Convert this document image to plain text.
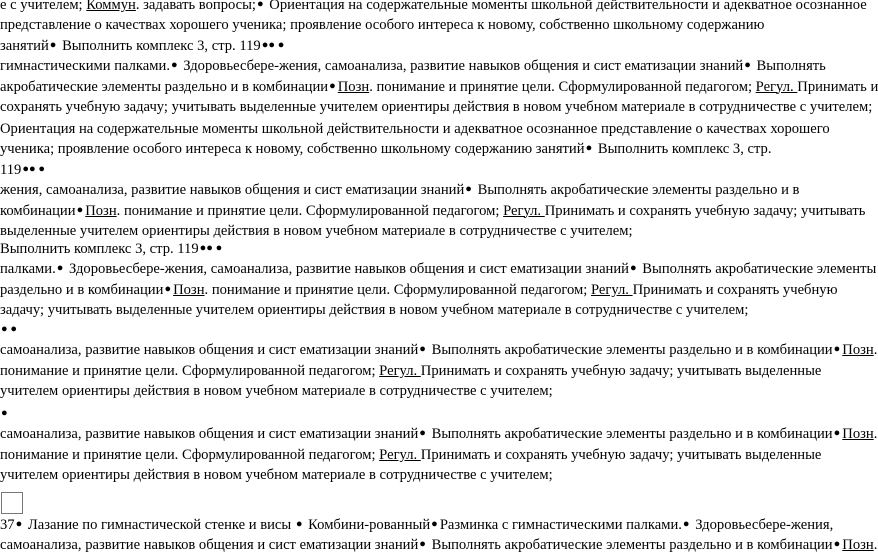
е с учителем; Коммун. задавать вопросы;● Ориентация на содержательные моменты школьной действительности и адекватное осознанное
представление о качествах хорошего ученика; проявление особого интереса к новому, собственно школьному содержанию
занятий● Выполнить комплекс 3, стр. 119●● ●
гимнастическими палками.● Здоровьесбере-жения, самоанализа, развитие навыков общения и сист ематизации знаний● Выполнять
акробатические элементы раздельно и в комбинации● Позн. понимание и принятие цели. Сформулированной педагогом; Регул. Принимать и
сохранять учебную задачу; учитывать выделенные учителем ориентиры действия в новом учебном материале в сотрудничестве с учителем;
Ориентация на содержательные моменты школьной действительности и адекватное осознанное представление о качествах хорошего
ученика; проявление особого интереса к новому, собственно школьному содержанию занятий● Выполнить комплекс 3, стр.
119●● ●
жения, самоанализа, развитие навыков общения и сист ематизации знаний● Выполнять акробатические элементы раздельно и в
комбинации● Позн. понимание и принятие цели. Сформулированной педагогом; Регул. Принимать и сохранять учебную задачу; учитывать
выделенные учителем ориентиры действия в новом учебном материале в сотрудничестве с учителем;
Выполнить комплекс 3, стр. 119●● ●
палками.● Здоровьесбере-жения, самоанализа, развитие навыков общения и сист ематизации знаний● Выполнять акробатические элементы
раздельно и в комбинации● Позн. понимание и принятие цели. Сформулированной педагогом; Регул. Принимать и сохранять учебную
задачу; учитывать выделенные учителем ориентиры действия в новом учебном материале в сотрудничестве с учителем;
● ●
самоанализа, развитие навыков общения и сист ематизации знаний● Выполнять акробатические элементы раздельно и в комбинации● Позн.
понимание и принятие цели. Сформулированной педагогом; Регул. Принимать и сохранять учебную задачу; учитывать выделенные
учителем ориентиры действия в новом учебном материале в сотрудничестве с учителем;
●
самоанализа, развитие навыков общения и сист ематизации знаний● Выполнять акробатические элементы раздельно и в комбинации● Позн.
понимание и принятие цели. Сформулированной педагогом; Регул. Принимать и сохранять учебную задачу; учитывать выделенные
учителем ориентиры действия в новом учебном материале в сотрудничестве с учителем;
37● Лазание по гимнастической стенке и висы ● Комбини-рованный● Разминка с гимнастическими палками.● Здоровьесбере-жения,
самоанализа, развитие навыков общения и сист ематизации знаний● Выполнять акробатические элементы раздельно и в комбинации● Позн.
